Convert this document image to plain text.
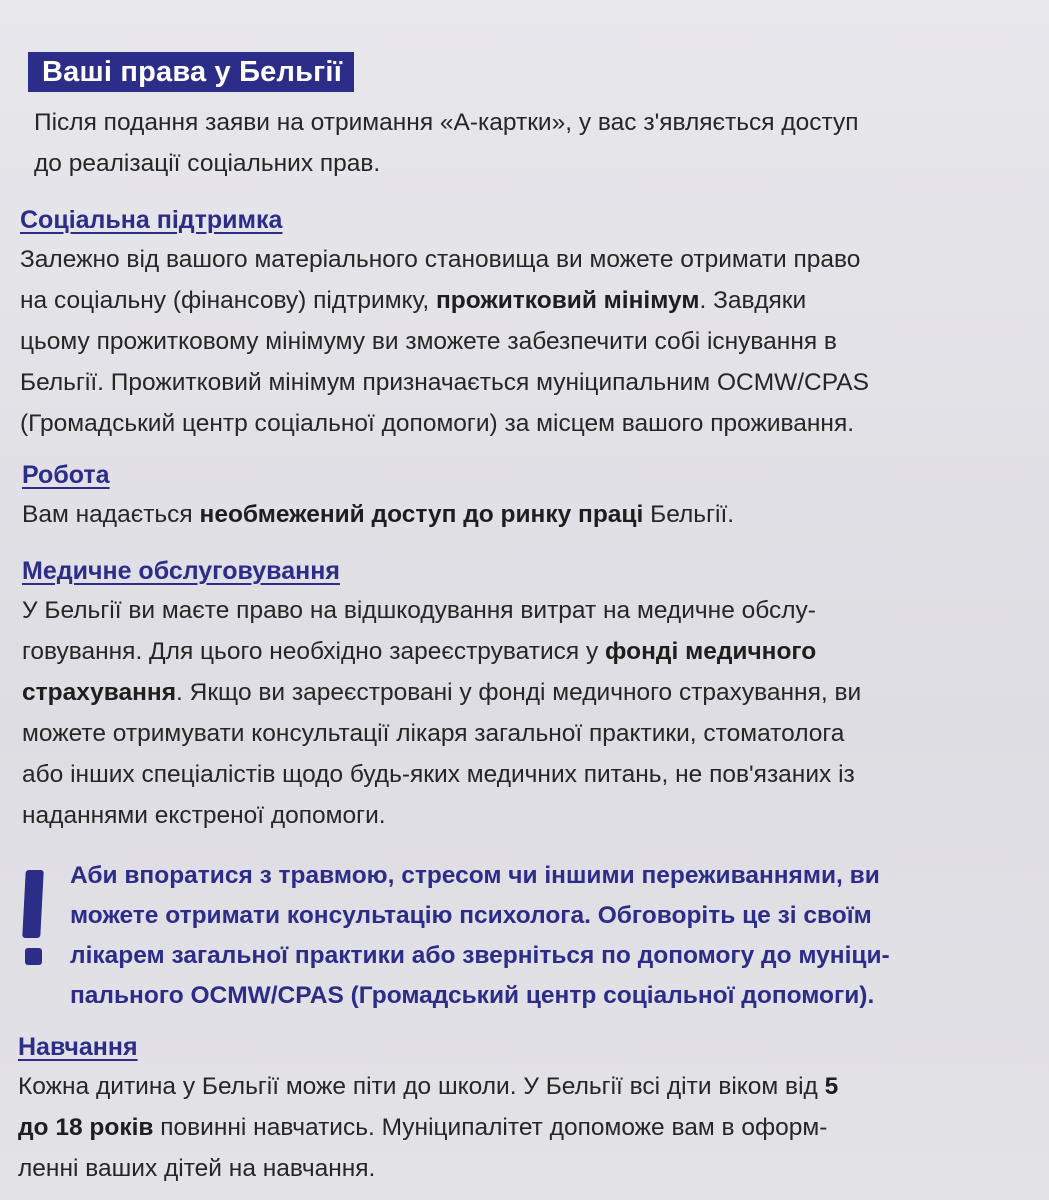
Ваші права у Бельгії

Після подання заяви на отримання «А-картки», у вас з'являється доступ

до реалізації соціальних прав.

Соціальна підтримка

Залежно від вашого матеріального становища ви можете отримати право

на соціальну (фінансову) підтримку, прожитковий мінімум. Завдяки

цьому прожитковому мінімуму ви зможете забезпечити собі існування в

Бельгії. Прожитковий мінімум призначається муніципальним OCMW/CPAS

(Громадський центр соціальної допомоги) за місцем вашого проживання.

Робота

Вам надається необмежений доступ до ринку праці Бельгії.

Медичне обслуговування

У Бельгії ви маєте право на відшкодування витрат на медичне обслу-

говування. Для цього необхідно зареєструватися у фонді медичного

страхування. Якщо ви зареєстровані у фонді медичного страхування, ви

можете отримувати консультації лікаря загальної практики, стоматолога

або інших спеціалістів щодо будь-яких медичних питань, не пов'язаних із

наданнями екстреної допомоги.

Аби впоратися з травмою, стресом чи іншими переживаннями, ви

можете отримати консультацію психолога. Обговоріть це зі своїм

лікарем загальної практики або зверніться по допомогу до муніци-

пального OCMW/CPAS (Громадський центр соціальної допомоги).

Навчання

Кожна дитина у Бельгії може піти до школи. У Бельгії всі діти віком від 5

до 18 років повинні навчатись. Муніципалітет допоможе вам в оформ-

ленні ваших дітей на навчання.
